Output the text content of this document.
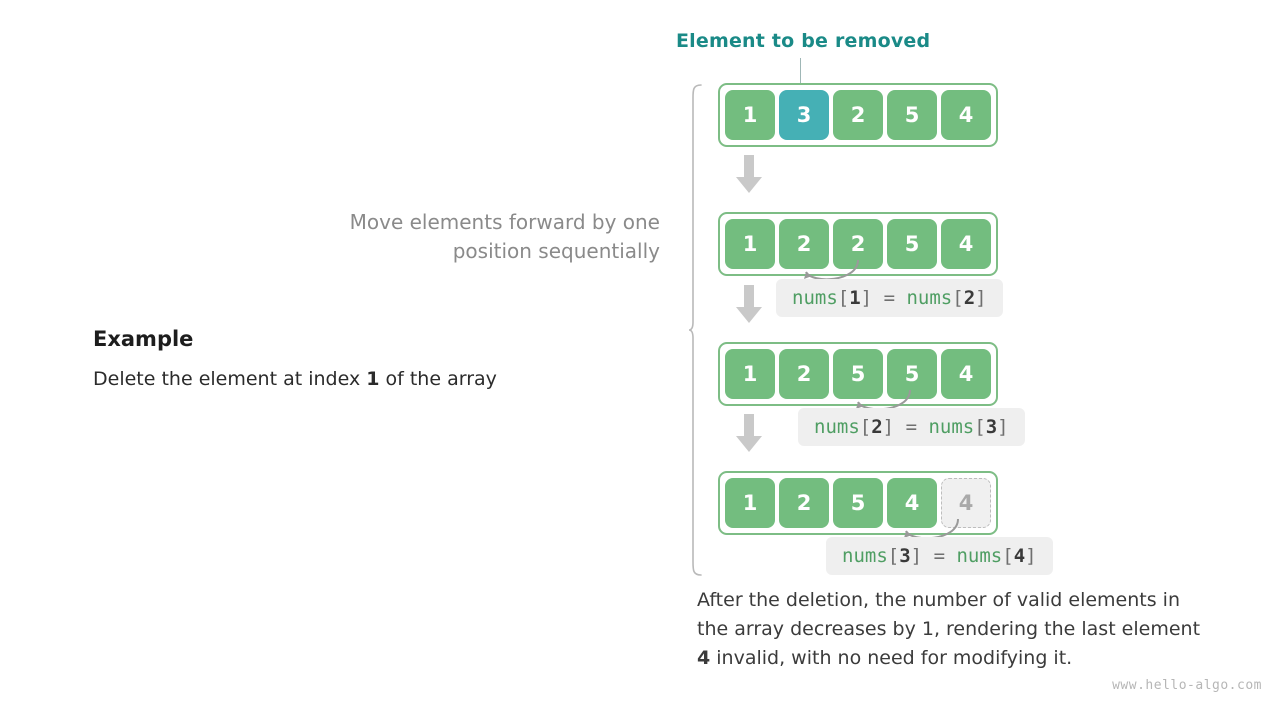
Move elements forward by one position sequentially
Example
Delete the element at index 1 of the array
Element to be removed
1	3	2	5	4
1	2	2	5	4
nums[1] = nums[2]
1	2	5	5	4
nums[2] = nums[3]
1	2	5	4	4
nums[3] = nums[4]
After the deletion, the number of valid elements in the array decreases by 1, rendering the last element 4 invalid, with no need for modifying it.
www.hello-algo.com
